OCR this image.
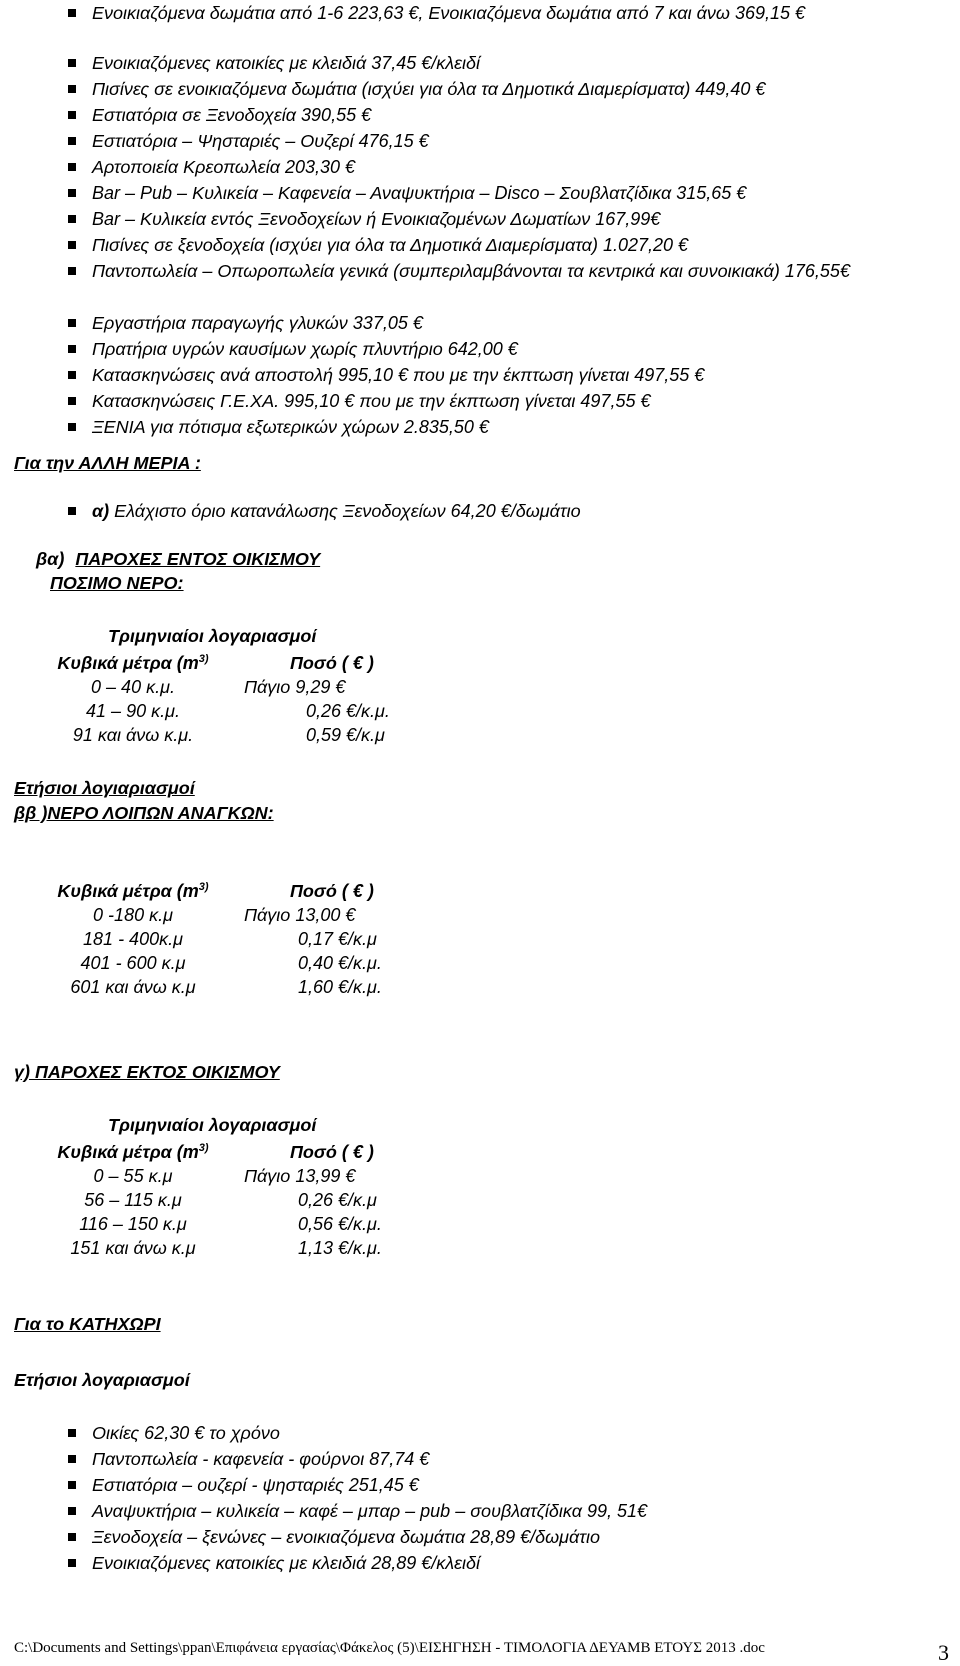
Ενοικιαζόμενα δωμάτια από 1-6 223,63 €, Ενοικιαζόμενα δωμάτια από 7 και άνω 369,15 €
Ενοικιαζόμενες κατοικίες με κλειδιά 37,45 €/κλειδί
Πισίνες σε ενοικιαζόμενα δωμάτια (ισχύει για όλα τα Δημοτικά Διαμερίσματα) 449,40 €
Εστιατόρια σε Ξενοδοχεία 390,55 €
Εστιατόρια – Ψησταριές – Ουζερί 476,15 €
Αρτοποιεία Κρεοπωλεία 203,30 €
Bar – Pub – Κυλικεία – Καφενεία – Αναψυκτήρια – Disco – Σουβλατζίδικα 315,65 €
Bar – Κυλικεία εντός Ξενοδοχείων ή Ενοικιαζομένων Δωματίων 167,99€
Πισίνες σε ξενοδοχεία (ισχύει για όλα τα Δημοτικά Διαμερίσματα) 1.027,20 €
Παντοπωλεία – Οπωροπωλεία γενικά (συμπεριλαμβάνονται τα κεντρικά και συνοικιακά) 176,55€
Εργαστήρια παραγωγής γλυκών 337,05 €
Πρατήρια υγρών καυσίμων χωρίς πλυντήριο 642,00 €
Κατασκηνώσεις ανά αποστολή 995,10 € που με την έκπτωση γίνεται 497,55 €
Κατασκηνώσεις Γ.Ε.ΧΑ. 995,10 € που με την έκπτωση γίνεται 497,55 €
ΞΕΝΙΑ για πότισμα εξωτερικών χώρων 2.835,50 €
Για την ΑΛΛΗ ΜΕΡΙΑ :
α) Ελάχιστο όριο κατανάλωσης Ξενοδοχείων 64,20 €/δωμάτιο
βα) ΠΑΡΟΧΕΣ ΕΝΤΟΣ ΟΙΚΙΣΜΟΥ
ΠΟΣΙΜΟ ΝΕΡΟ:
Τριμηνιαίοι λογαριασμοί
Κυβικά μέτρα ($m^{3)}$	Ποσό ( € )
0 – 40 κ.μ.	Πάγιο 9,29 €
41 – 90 κ.μ.	0,26 €/κ.μ.
91 και άνω κ.μ.	0,59 €/κ.μ
Ετήσιοι λογιαριασμοί
ββ )ΝΕΡΟ ΛΟΙΠΩΝ ΑΝΑΓΚΩΝ:
Κυβικά μέτρα ($m^{3)}$	Ποσό ( € )
0 -180 κ.μ	Πάγιο 13,00 €
181 - 400κ.μ	0,17 €/κ.μ
401 - 600 κ.μ	0,40 €/κ.μ.
601 και άνω κ.μ	1,60 €/κ.μ.
γ) ΠΑΡΟΧΕΣ ΕΚΤΟΣ ΟΙΚΙΣΜΟΥ
Τριμηνιαίοι λογαριασμοί
Κυβικά μέτρα ($m^{3)}$	Ποσό ( € )
0 – 55 κ.μ	Πάγιο 13,99 €
56 – 115 κ.μ	0,26 €/κ.μ
116 – 150 κ.μ	0,56 €/κ.μ.
151 και άνω κ.μ	1,13 €/κ.μ.
Για το ΚΑΤΗΧΩΡΙ
Ετήσιοι λογαριασμοί
Οικίες 62,30 € το χρόνο
Παντοπωλεία - καφενεία - φούρνοι 87,74 €
Εστιατόρια – ουζερί - ψησταριές 251,45 €
Αναψυκτήρια – κυλικεία – καφέ – μπαρ – pub – σουβλατζίδικα 99, 51€
Ξενοδοχεία – ξενώνες – ενοικιαζόμενα δωμάτια 28,89 €/δωμάτιο
Ενοικιαζόμενες κατοικίες με κλειδιά 28,89 €/κλειδί
C:\Documents and Settings\ppan\Επιφάνεια εργασίας\Φάκελος (5)\ΕΙΣΗΓΗΣΗ - ΤΙΜΟΛΟΓΙΑ ΔΕΥΑΜΒ ΕΤΟΥΣ 2013 .doc	3
